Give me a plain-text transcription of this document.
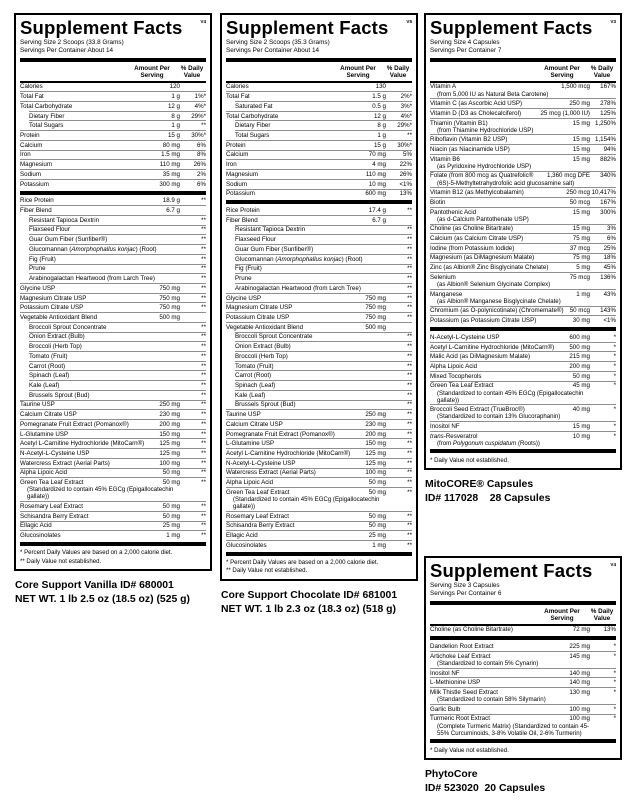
Supplement Facts	V4
Serving Size 2 Scoops (33.8 Grams)
Servings Per Container About 14
Amount Per Serving
% Daily Value
Calories	120
Total Fat	1 g	1%*
Total Carbohydrate	12 g	4%*
Dietary Fiber	8 g	29%*
Total Sugars	1 g	**
Protein	15 g	30%*
Calcium	80 mg	6%
Iron	1.5 mg	8%
Magnesium	110 mg	26%
Sodium	35 mg	2%
Potassium	300 mg	6%
Rice Protein	18.9 g	**
Fiber Blend	6.7 g
Resistant Tapioca Dextrin	**
Flaxseed Flour	**
Guar Gum Fiber (Sunfiber®)	**
Glucomannan (Amorphophallus konjac) (Root)	**
Fig (Fruit)	**
Prune	**
Arabinogalactan Heartwood (from Larch Tree)	**
Glycine USP	750 mg	**
Magnesium Citrate USP	750 mg	**
Potassium Citrate USP	750 mg	**
Vegetable Antioxidant Blend	500 mg
Broccoli Sprout Concentrate	**
Onion Extract (Bulb)	**
Broccoli (Herb Top)	**
Tomato (Fruit)	**
Carrot (Root)	**
Spinach (Leaf)	**
Kale (Leaf)	**
Brussels Sprout (Bud)	**
Taurine USP	250 mg	**
Calcium Citrate USP	230 mg	**
Pomegranate Fruit Extract (Pomanox®)	200 mg	**
L-Glutamine USP	150 mg	**
Acetyl L-Carnitine Hydrochloride (MitoCarn®)	125 mg	**
N-Acetyl-L-Cysteine USP	125 mg	**
Watercress Extract (Aerial Parts)	100 mg	**
Alpha Lipoic Acid	50 mg	**
Green Tea Leaf Extract	50 mg	**
(Standardized to contain 45% EGCg (Epigallocatechin gallate))
Rosemary Leaf Extract	50 mg	**
Schisandra Berry Extract	50 mg	**
Ellagic Acid	25 mg	**
Glucosinolates	1 mg	**
* Percent Daily Values are based on a 2,000 calorie diet.
** Daily Value not established.
Core Support Vanilla ID# 680001
NET WT. 1 lb 2.5 oz (18.5 oz) (525 g)
Supplement Facts	V5
Serving Size 2 Scoops (35.3 Grams)
Servings Per Container About 14
Amount Per Serving
% Daily Value
Calories	130
Total Fat	1.5 g	2%*
Saturated Fat	0.5 g	3%*
Total Carbohydrate	12 g	4%*
Dietary Fiber	8 g	29%*
Total Sugars	1 g	**
Protein	15 g	30%*
Calcium	70 mg	5%
Iron	4 mg	22%
Magnesium	110 mg	26%
Sodium	10 mg	<1%
Potassium	600 mg	13%
Rice Protein	17.4 g	**
Fiber Blend	6.7 g
Resistant Tapioca Dextrin	**
Flaxseed Flour	**
Guar Gum Fiber (Sunfiber®)	**
Glucomannan (Amorphophallus konjac) (Root)	**
Fig (Fruit)	**
Prune	**
Arabinogalactan Heartwood (from Larch Tree)	**
Glycine USP	750 mg	**
Magnesium Citrate USP	750 mg	**
Potassium Citrate USP	750 mg	**
Vegetable Antioxidant Blend	500 mg
Broccoli Sprout Concentrate	**
Onion Extract (Bulb)	**
Broccoli (Herb Top)	**
Tomato (Fruit)	**
Carrot (Root)	**
Spinach (Leaf)	**
Kale (Leaf)	**
Brussels Sprout (Bud)	**
Taurine USP	250 mg	**
Calcium Citrate USP	230 mg	**
Pomegranate Fruit Extract (Pomanox®)	200 mg	**
L-Glutamine USP	150 mg	**
Acetyl L-Carnitine Hydrochloride (MitoCarn®)	125 mg	**
N-Acetyl-L-Cysteine USP	125 mg	**
Watercress Extract (Aerial Parts)	100 mg	**
Alpha Lipoic Acid	50 mg	**
Green Tea Leaf Extract	50 mg	**
(Standardized to contain 45% EGCg (Epigallocatechin gallate))
Rosemary Leaf Extract	50 mg	**
Schisandra Berry Extract	50 mg	**
Ellagic Acid	25 mg	**
Glucosinolates	1 mg	**
* Percent Daily Values are based on a 2,000 calorie diet.
** Daily Value not established.
Core Support Chocolate ID# 681001
NET WT. 1 lb 2.3 oz (18.3 oz) (518 g)
Supplement Facts	V3
Serving Size 4 Capsules
Servings Per Container 7
Amount Per Serving
% Daily Value
Vitamin A	1,500 mcg	167%
(from 5,000 IU as Natural Beta Carotene)
Vitamin C (as Ascorbic Acid USP)	250 mg	278%
Vitamin D (D3 as Cholecalciferol)	25 mcg (1,000 IU)	125%
Thiamin (Vitamin B1)	15 mg 1,250%
(from Thiamine Hydrochloride USP)
Riboflavin (Vitamin B2 USP)	15 mg 1,154%
Niacin (as Niacinamide USP)	15 mg	94%
Vitamin B6	15 mg	882%
(as Pyridoxine Hydrochloride USP)
Folate (from 800 mcg as Quatrefolic®	1,360 mcg DFE	340%
(6S)-5-Methyltetrahydrofolic acid glucosamine salt)
Vitamin B12 (as Methylcobalamin)	250 mcg 10,417%
Biotin	50 mcg	167%
Pantothenic Acid	15 mg	300%
(as d-Calcium Pantothenate USP)
Choline (as Choline Bitartrate)	15 mg	3%
Calcium (as Calcium Citrate USP)	75 mg	6%
Iodine (from Potassium Iodide)	37 mcg	25%
Magnesium (as DiMagnesium Malate)	75 mg	18%
Zinc (as Albion® Zinc Bisglycinate Chelate)	5 mg	45%
Selenium	75 mcg	136%
(as Albion® Selenium Glycinate Complex)
Manganese	1 mg	43%
(as Albion® Manganese Bisglycinate Chelate)
Chromium (as O-polynicotinate) (Chromemate®) 50 mcg	143%
Potassium (as Potassium Citrate USP)	30 mg	<1%
N-Acetyl-L-Cysteine USP	600 mg	*
Acetyl L-Carnitine Hydrochloride (MitoCarn®)	500 mg	*
Malic Acid (as DiMagnesium Malate)	215 mg	*
Alpha Lipoic Acid	200 mg	*
Mixed Tocopherols	50 mg	*
Green Tea Leaf Extract	45 mg	*
(Standardized to contain 45% EGCg (Epigallocatechin gallate))
Broccoli Seed Extract (TrueBroc®)	40 mg	*
(Standardized to contain 13% Glucoraphanin)
Inositol NF	15 mg	*
trans-Resveratrol	10 mg	*
(from Polygonum cuspidatum (Roots))
* Daily Value not established.
MitoCORE® Capsules
ID# 117028    28 Capsules
Supplement Facts	V4
Serving Size 3 Capsules
Servings Per Container 6
Amount Per Serving
% Daily Value
Choline (as Choline Bitartrate)	72 mg	13%
Dandelion Root Extract	225 mg	*
Artichoke Leaf Extract	145 mg	*
(Standardized to contain 5% Cynarin)
Inositol NF	140 mg	*
L-Methionine USP	140 mg	*
Milk Thistle Seed Extract	130 mg	*
(Standardized to contain 58% Silymarin)
Garlic Bulb	100 mg	*
Turmeric Root Extract	100 mg	*
(Complete Turmeric Matrix) (Standardized to contain 45-55% Curcuminoids, 3-8% Volatile Oil, 2-6% Turmerin)
* Daily Value not established.
PhytoCore
ID# 523020  20 Capsules
